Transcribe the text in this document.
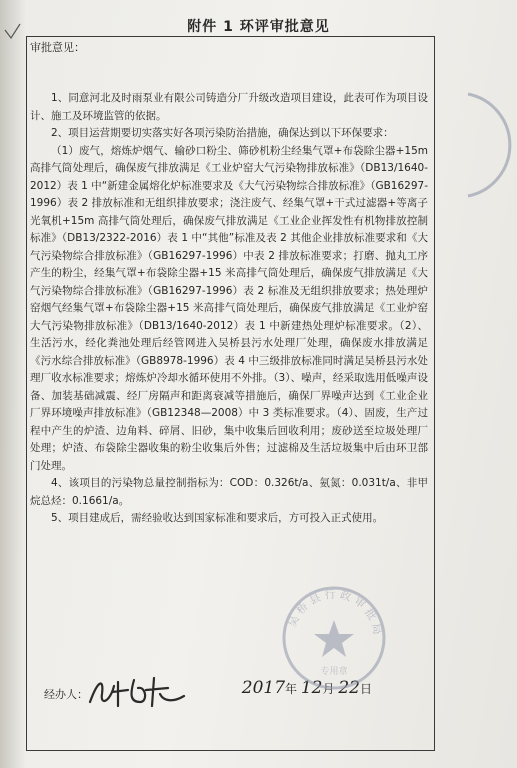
附件 1 环评审批意见
审批意见：

1、同意河北及时雨泵业有限公司铸造分厂升级改造项目建设，此表可作为项目设计、施工及环境监管的依据。

2、项目运营期要切实落实好各项污染防治措施，确保达到以下环保要求：

（1）废气，熔炼炉烟气、输砂口粉尘、筛砂机粉尘经集气罩+布袋除尘器+15m高排气筒处理后，确保废气排放满足《工业炉窑大气污染物排放标准》（DB13/1640-2012）表 1 中“新建金属熔化炉标准要求及《大气污染物综合排放标准》（GB16297-1996）表 2 排放标准和无组织排放要求；浇注废气、经集气罩+干式过滤器+等离子光氧机+15m 高排气筒处理后，确保废气排放满足《工业企业挥发性有机物排放控制标准》（DB13/2322-2016）表 1 中“其他”标准及表 2 其他企业排放标准要求和《大气污染物综合排放标准》（GB16297-1996）中表 2 排放标准要求；打磨、抛丸工序产生的粉尘，经集气罩+布袋除尘器+15 米高排气筒处理后，确保废气排放满足《大气污染物综合排放标准》（GB16297-1996）表 2 标准及无组织排放要求；热处理炉窑烟气经集气罩+布袋除尘器+15 米高排气筒处理后，确保废气排放满足《工业炉窑大气污染物排放标准》（DB13/1640-2012）表 1 中新建热处理炉标准要求。（2）、生活污水，经化粪池处理后经管网进入吴桥县污水处理厂处理，确保废水排放满足《污水综合排放标准》（GB8978-1996）表 4 中三级排放标准同时满足吴桥县污水处理厂收水标准要求；熔炼炉冷却水循环使用不外排。（3）、噪声，经采取选用低噪声设备、加装基础减震、经厂房隔声和距离衰减等措施后，确保厂界噪声达到《工业企业厂界环境噪声排放标准》（GB12348—2008）中 3 类标准要求。（4）、固废，生产过程中产生的炉渣、边角料、碎屑、旧砂，集中收集后回收利用；废砂送至垃圾处理厂处理；炉渣、布袋除尘器收集的粉尘收集后外售；过滤棉及生活垃圾集中后由环卫部门处理。

4、该项目的污染物总量控制指标为：COD：0.326t/a、氨氮：0.031t/a、非甲烷总烃：0.1661/a。

5、项目建成后，需经验收达到国家标准和要求后，方可投入正式使用。

经办人：	2017年 12月 22日
吴 桥 县 行 政 审 批 局
专用章
